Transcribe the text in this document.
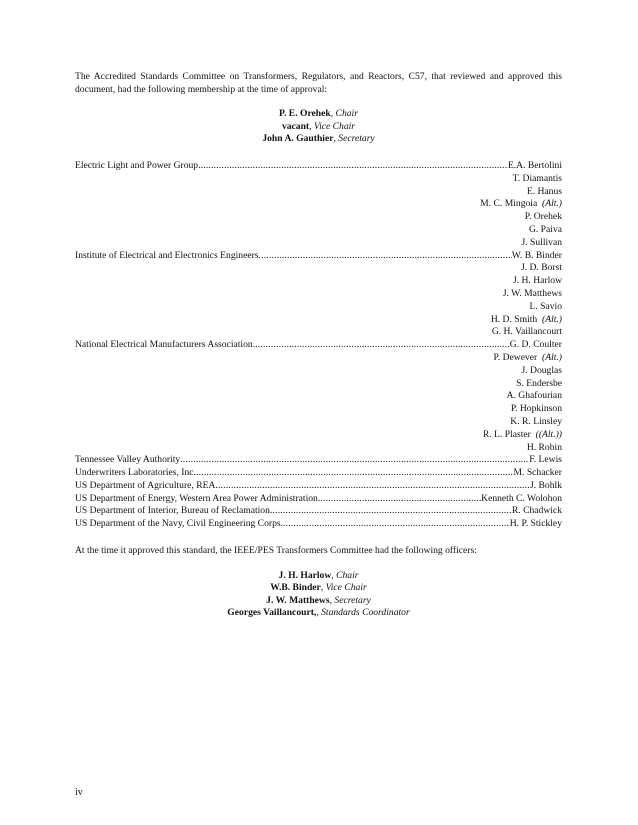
The Accredited Standards Committee on Transformers, Regulators, and Reactors, C57, that reviewed and approved this document, had the following membership at the time of approval:

P. E. Orehek, Chair
vacant, Vice Chair
John A. Gauthier, Secretary
Electric Light and Power Group .....	E.A. Bertolini
T. Diamantis
E. Hanus
M. C. Mingoia (Alt.)
P. Orehek
G. Paiva
J. Sullivan
Institute of Electrical and Electronics Engineers .....	W. B. Binder
J. D. Borst
J. H. Harlow
J. W. Matthews
L. Savio
H. D. Smith (Alt.)
G. H. Vaillancourt
National Electrical Manufacturers Association .....	G. D. Coulter
P. Dewever (Alt.)
J. Douglas
S. Endersbe
A. Ghafourian
P. Hopkinson
K. R. Linsley
R. L. Plaster ((Alt.))
H. Robin
Tennessee Valley Authority .....	F. Lewis
Underwriters Laboratories, Inc. .....	M. Schacker
US Department of Agriculture, REA .....	J. Bohlk
US Department of Energy, Western Area Power Administration .....	Kenneth C. Wolohon
US Department of Interior, Bureau of Reclamation .....	R. Chadwick
US Department of the Navy, Civil Engineering Corps. .....	H. P. Stickley

At the time it approved this standard, the IEEE/PES Transformers Committee had the following officers:

J. H. Harlow, Chair
W.B. Binder, Vice Chair
J. W. Matthews, Secretary
Georges Vaillancourt,, Standards Coordinator
iv
